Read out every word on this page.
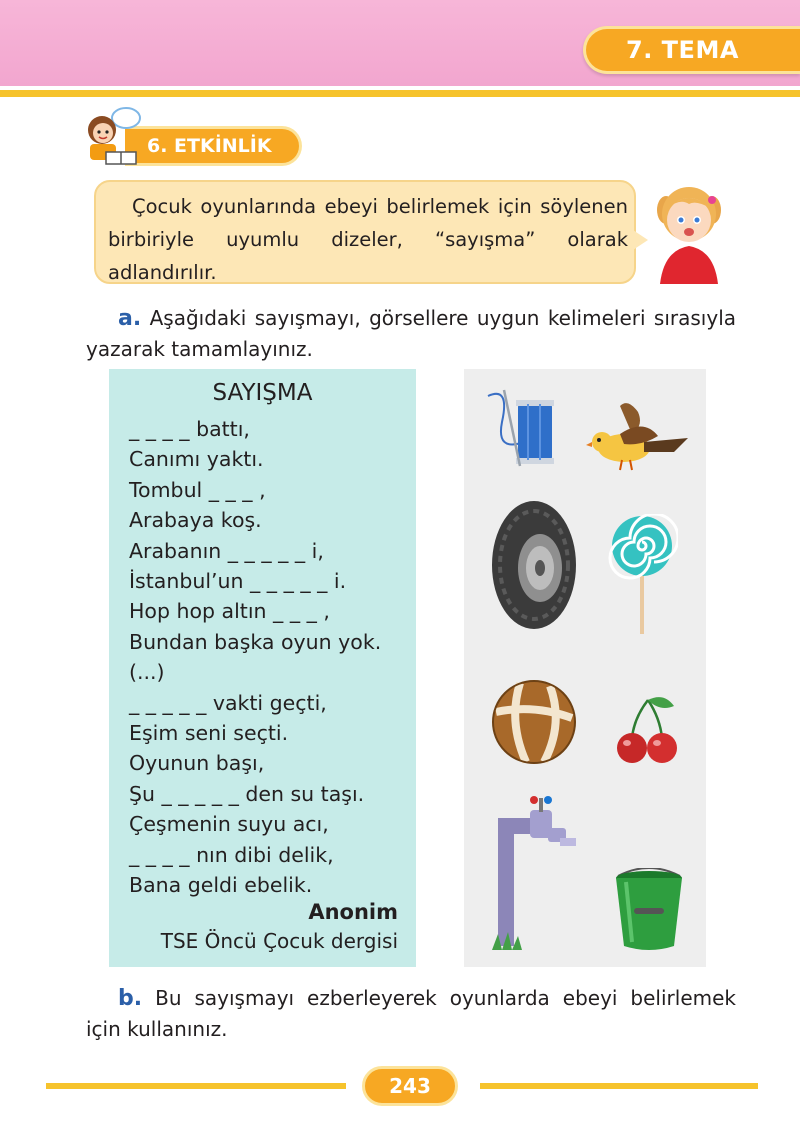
7. TEMA
6. ETKİNLİK

Çocuk oyunlarında ebeyi belirlemek için söylenen birbiriyle uyumlu dizeler, “sayışma” olarak adlandırılır.

a. Aşağıdaki sayışmayı, görsellere uygun kelimeleri sırasıyla yazarak tamamlayınız.

SAYIŞMA
_ _ _ _ battı,
Canımı yaktı.
Tombul _ _ _ ,
Arabaya koş.
Arabanın _ _ _ _ _ i,
İstanbul’un _ _ _ _ _ i.
Hop hop altın _ _ _ ,
Bundan başka oyun yok.
(...)
_ _ _ _ _ vakti geçti,
Eşim seni seçti.
Oyunun başı,
Şu _ _ _ _ _ den su taşı.
Çeşmenin suyu acı,
_ _ _ _ nın dibi delik,
Bana geldi ebelik.
Anonim
TSE Öncü Çocuk dergisi

b. Bu sayışmayı ezberleyerek oyunlarda ebeyi belirlemek için kullanınız.

243
